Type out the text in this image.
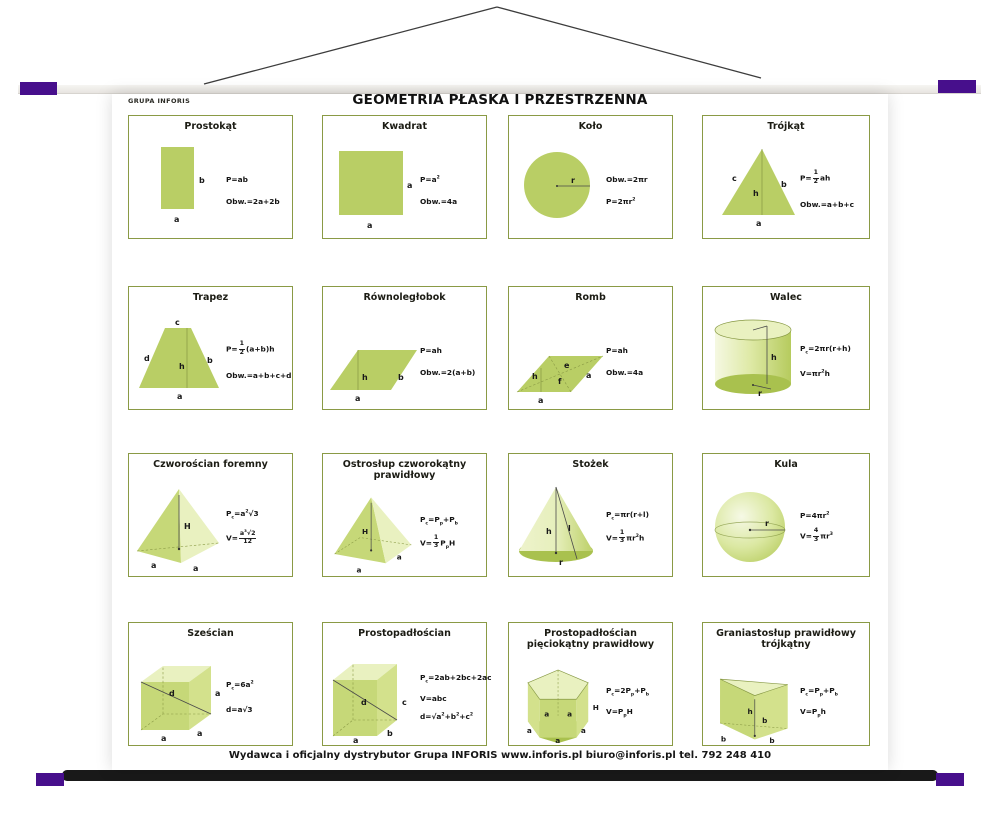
GRUPA INFORIS	GEOMETRIA PŁASKA I PRZESTRZENNA
Prostokąt
b
a
P=ab
Obw.=2a+2b
Kwadrat
a
a
$P=a^2$
Obw.=4a
Koło
r	Obw.=2πr
$P=2\pi r^2$
Trójkąt
c
b
h
a
$P= \frac{1}{2}$ ah
Obw.=a+b+c
Trapez
c
d
h
b
a
$P= \frac{1}{2} (a+b)h$
Obw.=a+b+c+d
Równoległobok
h	b
a
P=ah
Obw.=2(a+b)
Romb
e
h
f
a
a
P=ah
Obw.=4a
Walec
h
r
$P_c=2\pi r(r+h)$
$V=\pi r^2h$
Czworościan foremny
H
a	a
$P_c=a^2√3$
$V= \frac{a^3√2}{12}$
Ostrosłup czworokątny prawidłowy
H
a
a
$P_c=P_p+P_b$
$V= \frac{1}{3} P_pH$
Stożek
h l
r
$P_c=\pi r(r+l)$
$V= \frac{1}{3} \pi r^2h$
Kula
r
$P=4\pi r^2$
$V= \frac{4}{3} \pi r^3$
Sześcian
d	a
a
a
$P_c=6a^2$
d=a√3
Prostopadłościan
d	c
b
a
$P_c=2ab+2bc+2ac$
V=abc
$d=√a^2+b^2+c^2$
Prostopadłościan pięciokątny prawidłowy
a a
a	a
a
H
$P_c=2P_p+P_b$
$V=P_pH$
Graniastosłup prawidłowy trójkątny
h
b
b	b
$P_c=P_p+P_b$
$V=P_ph$
Wydawca i oficjalny dystrybutor Grupa INFORIS www.inforis.pl biuro@inforis.pl tel. 792 248 410
